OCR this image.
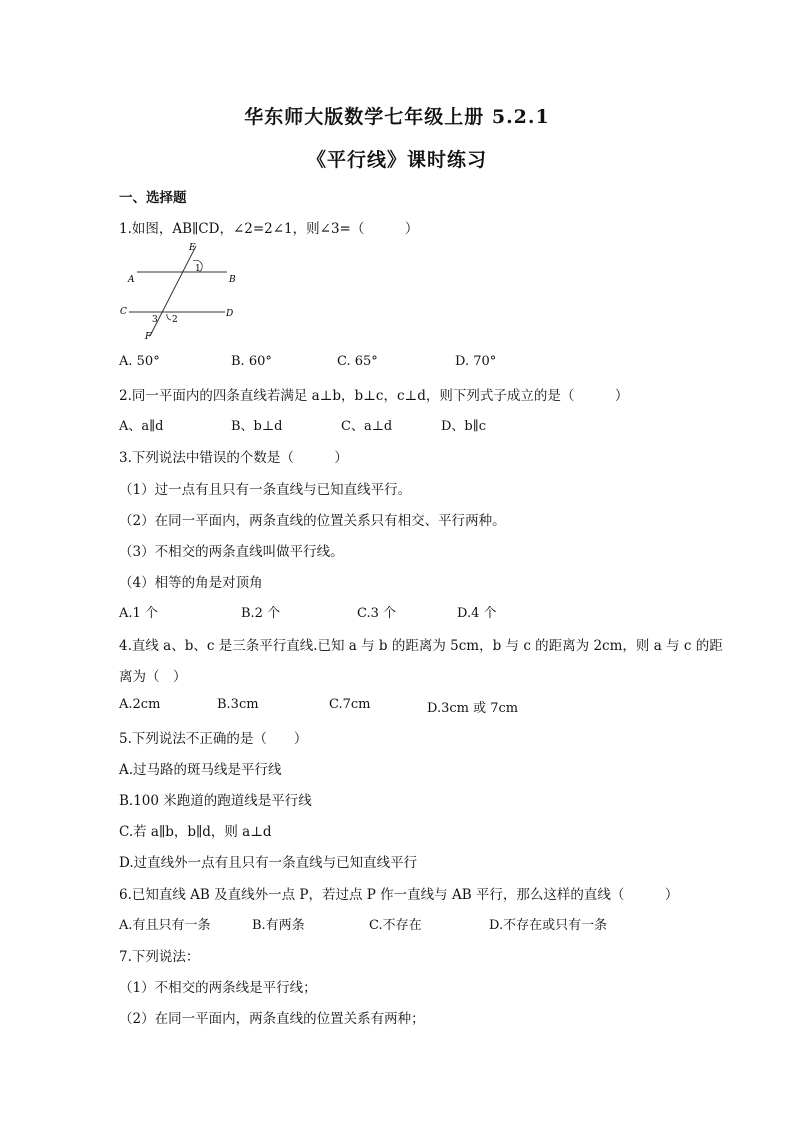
华东师大版数学七年级上册 5.2.1
《平行线》课时练习
一、选择题
1.如图，AB∥CD，∠2=2∠1，则∠3=（　　　）
E
A	B
C	D
F
1
2
3
A. 50°	B. 60°	C. 65°	D. 70°
2.同一平面内的四条直线若满足 a⊥b，b⊥c，c⊥d，则下列式子成立的是（　　　）
A、a∥d	B、b⊥d	C、a⊥d	D、b∥c
3.下列说法中错误的个数是（　　　）
（1）过一点有且只有一条直线与已知直线平行。
（2）在同一平面内，两条直线的位置关系只有相交、平行两种。
（3）不相交的两条直线叫做平行线。
（4）相等的角是对顶角
A.1 个	B.2 个	C.3 个	D.4 个
4.直线 a、b、c 是三条平行直线.已知 a 与 b 的距离为 5cm，b 与 c 的距离为 2cm，则 a 与 c 的距
离为（　）
A.2cm	B.3cm	C.7cm	D.3cm 或 7cm
5.下列说法不正确的是（　　）
A.过马路的斑马线是平行线
B.100 米跑道的跑道线是平行线
C.若 a∥b，b∥d，则 a⊥d
D.过直线外一点有且只有一条直线与已知直线平行
6.已知直线 AB 及直线外一点 P，若过点 P 作一直线与 AB 平行，那么这样的直线（　　　）
A.有且只有一条	B.有两条	C.不存在	D.不存在或只有一条
7.下列说法：
（1）不相交的两条线是平行线；
（2）在同一平面内，两条直线的位置关系有两种；
